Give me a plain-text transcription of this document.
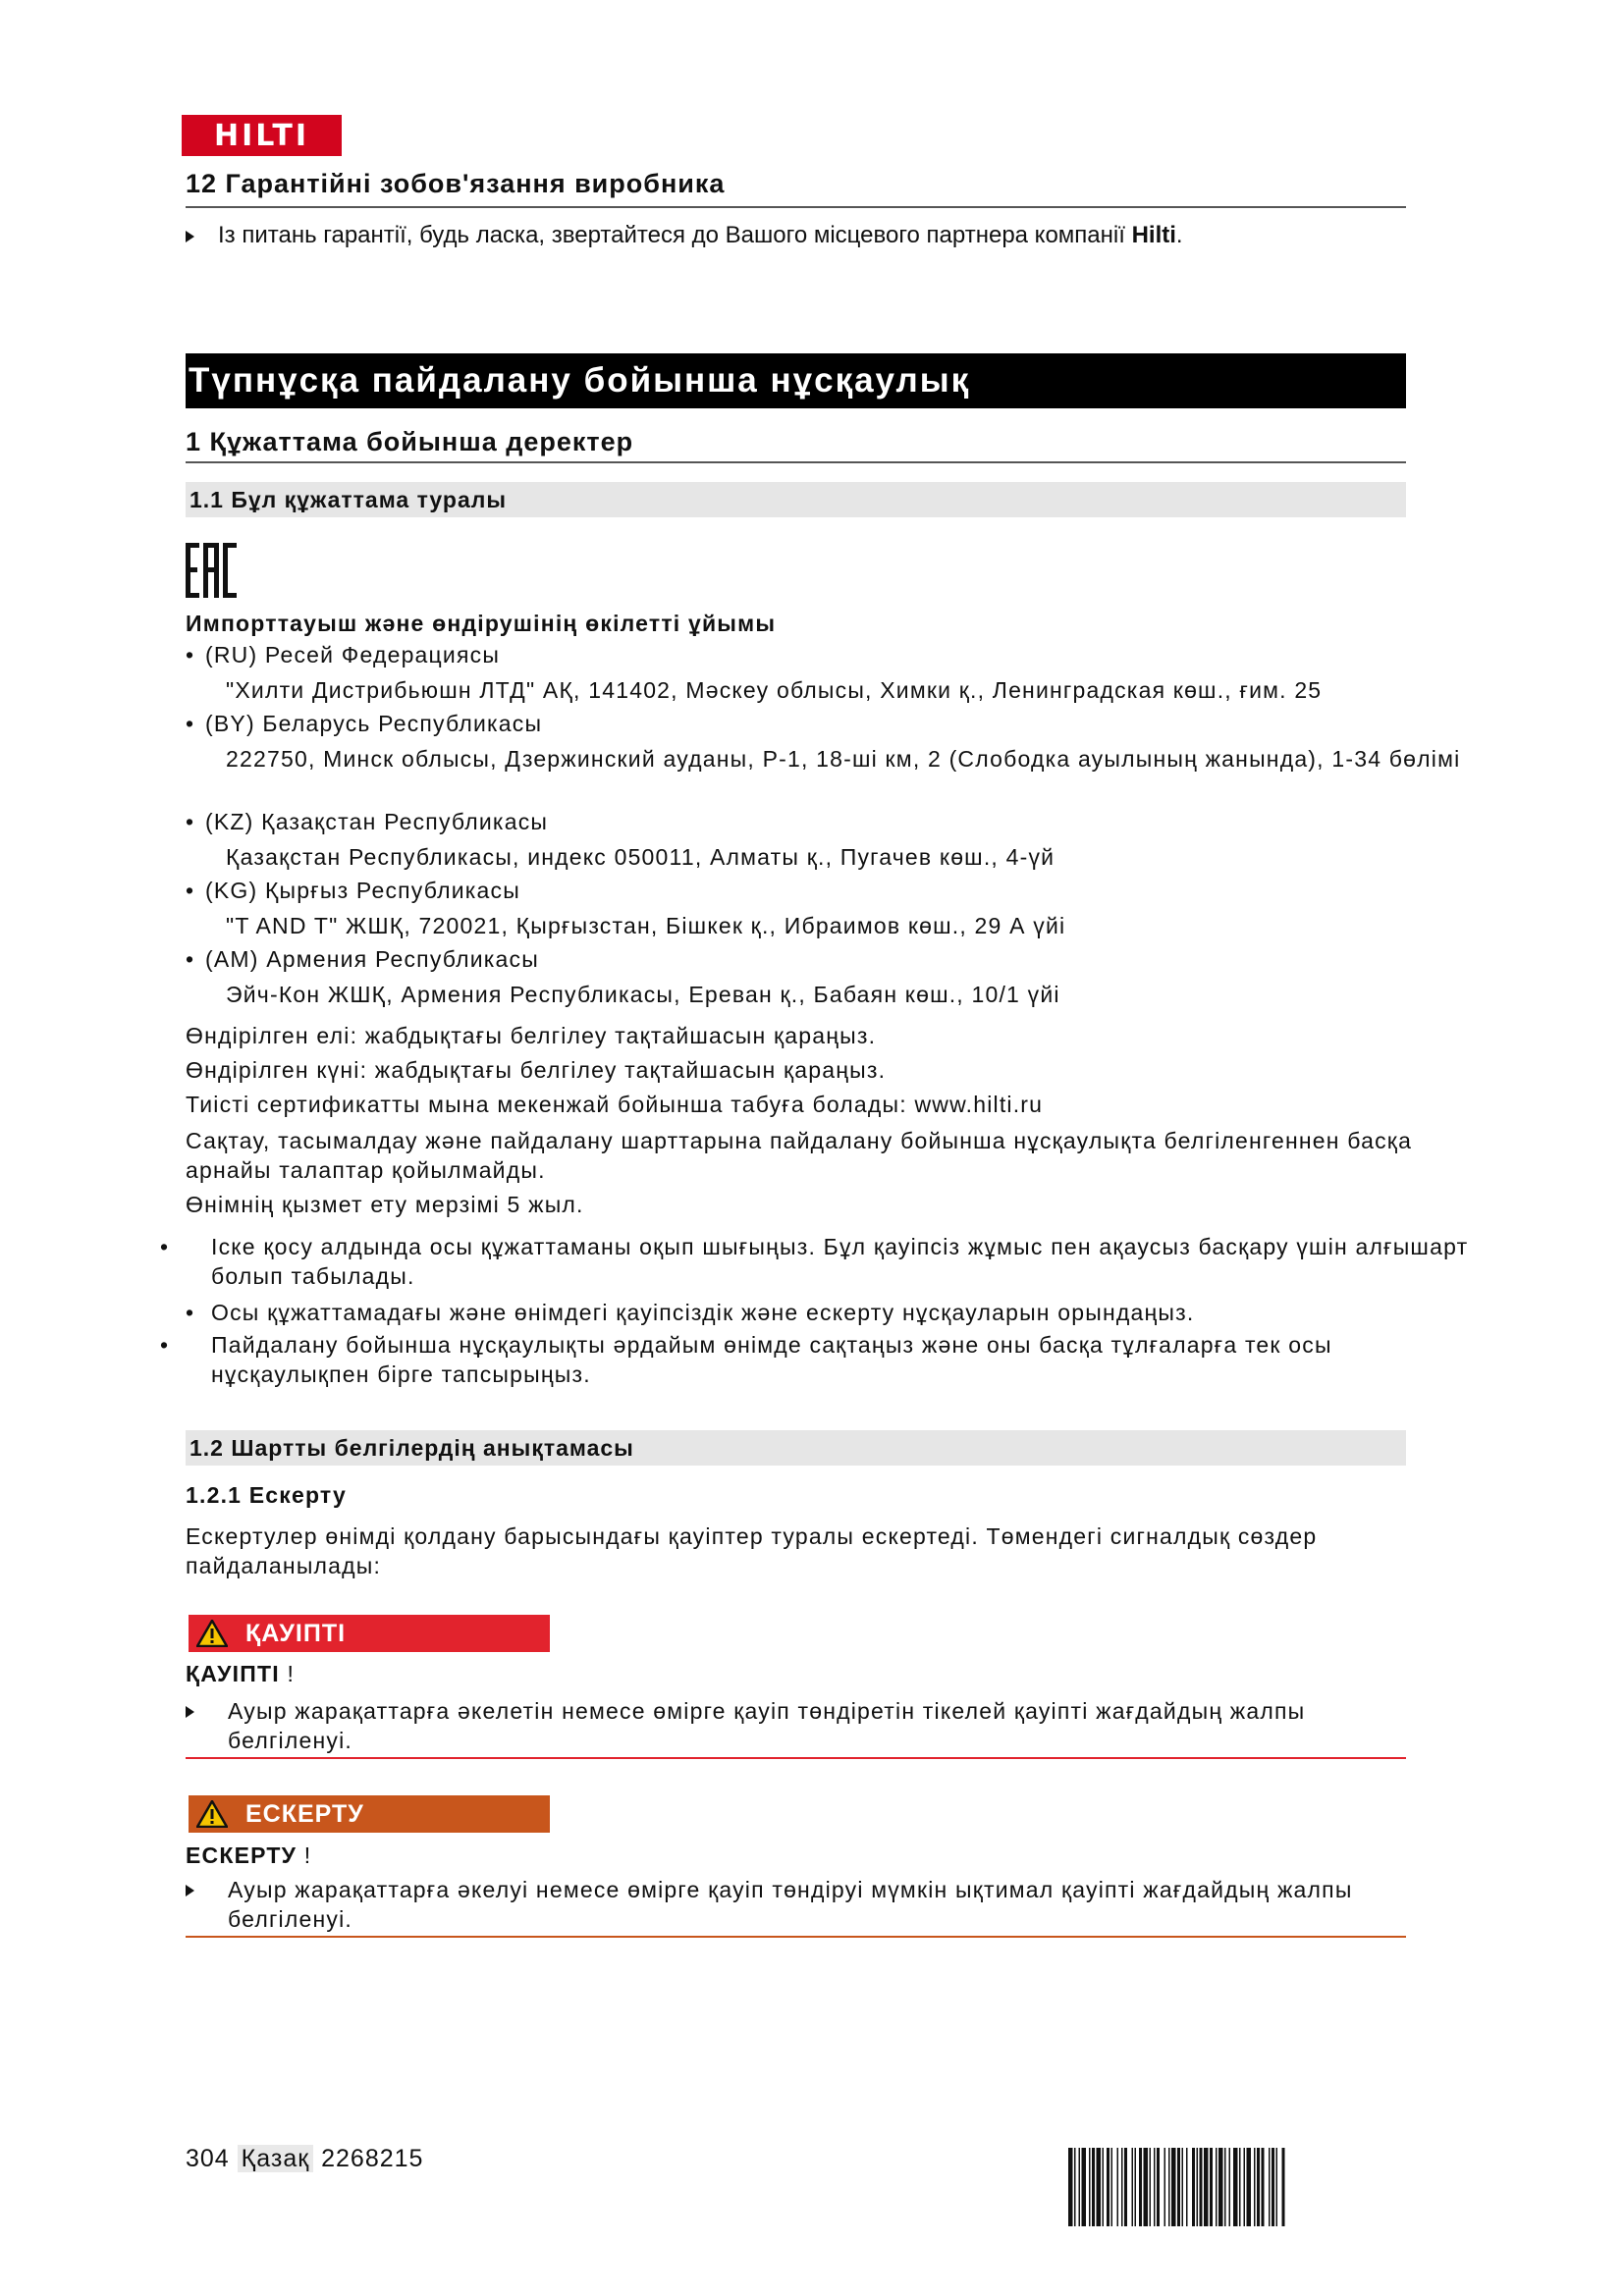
HILTI
12 Гарантійні зобов'язання виробника
Із питань гарантії, будь ласка, звертайтеся до Вашого місцевого партнера компанії Hilti.
Түпнұсқа пайдалану бойынша нұсқаулық
1 Құжаттама бойынша деректер
1.1 Бұл құжаттама туралы
Импорттауыш және өндірушінің өкілетті ұйымы
• (RU) Ресей Федерациясы
"Хилти Дистрибьюшн ЛТД" АҚ, 141402, Мәскеу облысы, Химки қ., Ленинградская көш., ғим. 25
• (BY) Беларусь Республикасы
222750, Минск облысы, Дзержинский ауданы, Р-1, 18-ші км, 2 (Слободка ауылының жанында), 1-34 бөлімі
• (KZ) Қазақстан Республикасы
Қазақстан Республикасы, индекс 050011, Алматы қ., Пугачев көш., 4-үй
• (KG) Қырғыз Республикасы
"T AND T" ЖШҚ, 720021, Қырғызстан, Бішкек қ., Ибраимов көш., 29 А үйі
• (AM) Армения Республикасы
Эйч-Кон ЖШҚ, Армения Республикасы, Ереван қ., Бабаян көш., 10/1 үйі
Өндірілген елі: жабдықтағы белгілеу тақтайшасын қараңыз.
Өндірілген күні: жабдықтағы белгілеу тақтайшасын қараңыз.
Тиісті сертификатты мына мекенжай бойынша табуға болады: www.hilti.ru
Сақтау, тасымалдау және пайдалану шарттарына пайдалану бойынша нұсқаулықта белгіленгеннен басқа арнайы талаптар қойылмайды.
Өнімнің қызмет ету мерзімі 5 жыл.
• Іске қосу алдында осы құжаттаманы оқып шығыңыз. Бұл қауіпсіз жұмыс пен ақаусыз басқару үшін алғышарт болып табылады.
• Осы құжаттамадағы және өнімдегі қауіпсіздік және ескерту нұсқауларын орындаңыз.
• Пайдалану бойынша нұсқаулықты әрдайым өнімде сақтаңыз және оны басқа тұлғаларға тек осы нұсқаулықпен бірге тапсырыңыз.
1.2 Шартты белгілердің анықтамасы
1.2.1 Ескерту
Ескертулер өнімді қолдану барысындағы қауіптер туралы ескертеді. Төмендегі сигналдық сөздер пайдаланылады:
ҚАУІПТІ
ҚАУІПТІ !
Ауыр жарақаттарға әкелетін немесе өмірге қауіп төндіретін тікелей қауіпті жағдайдың жалпы белгіленуі.
ЕСКЕРТУ
ЕСКЕРТУ !
Ауыр жарақаттарға әкелуі немесе өмірге қауіп төндіруі мүмкін ықтимал қауіпті жағдайдың жалпы белгіленуі.
304 Қазақ 2268215
